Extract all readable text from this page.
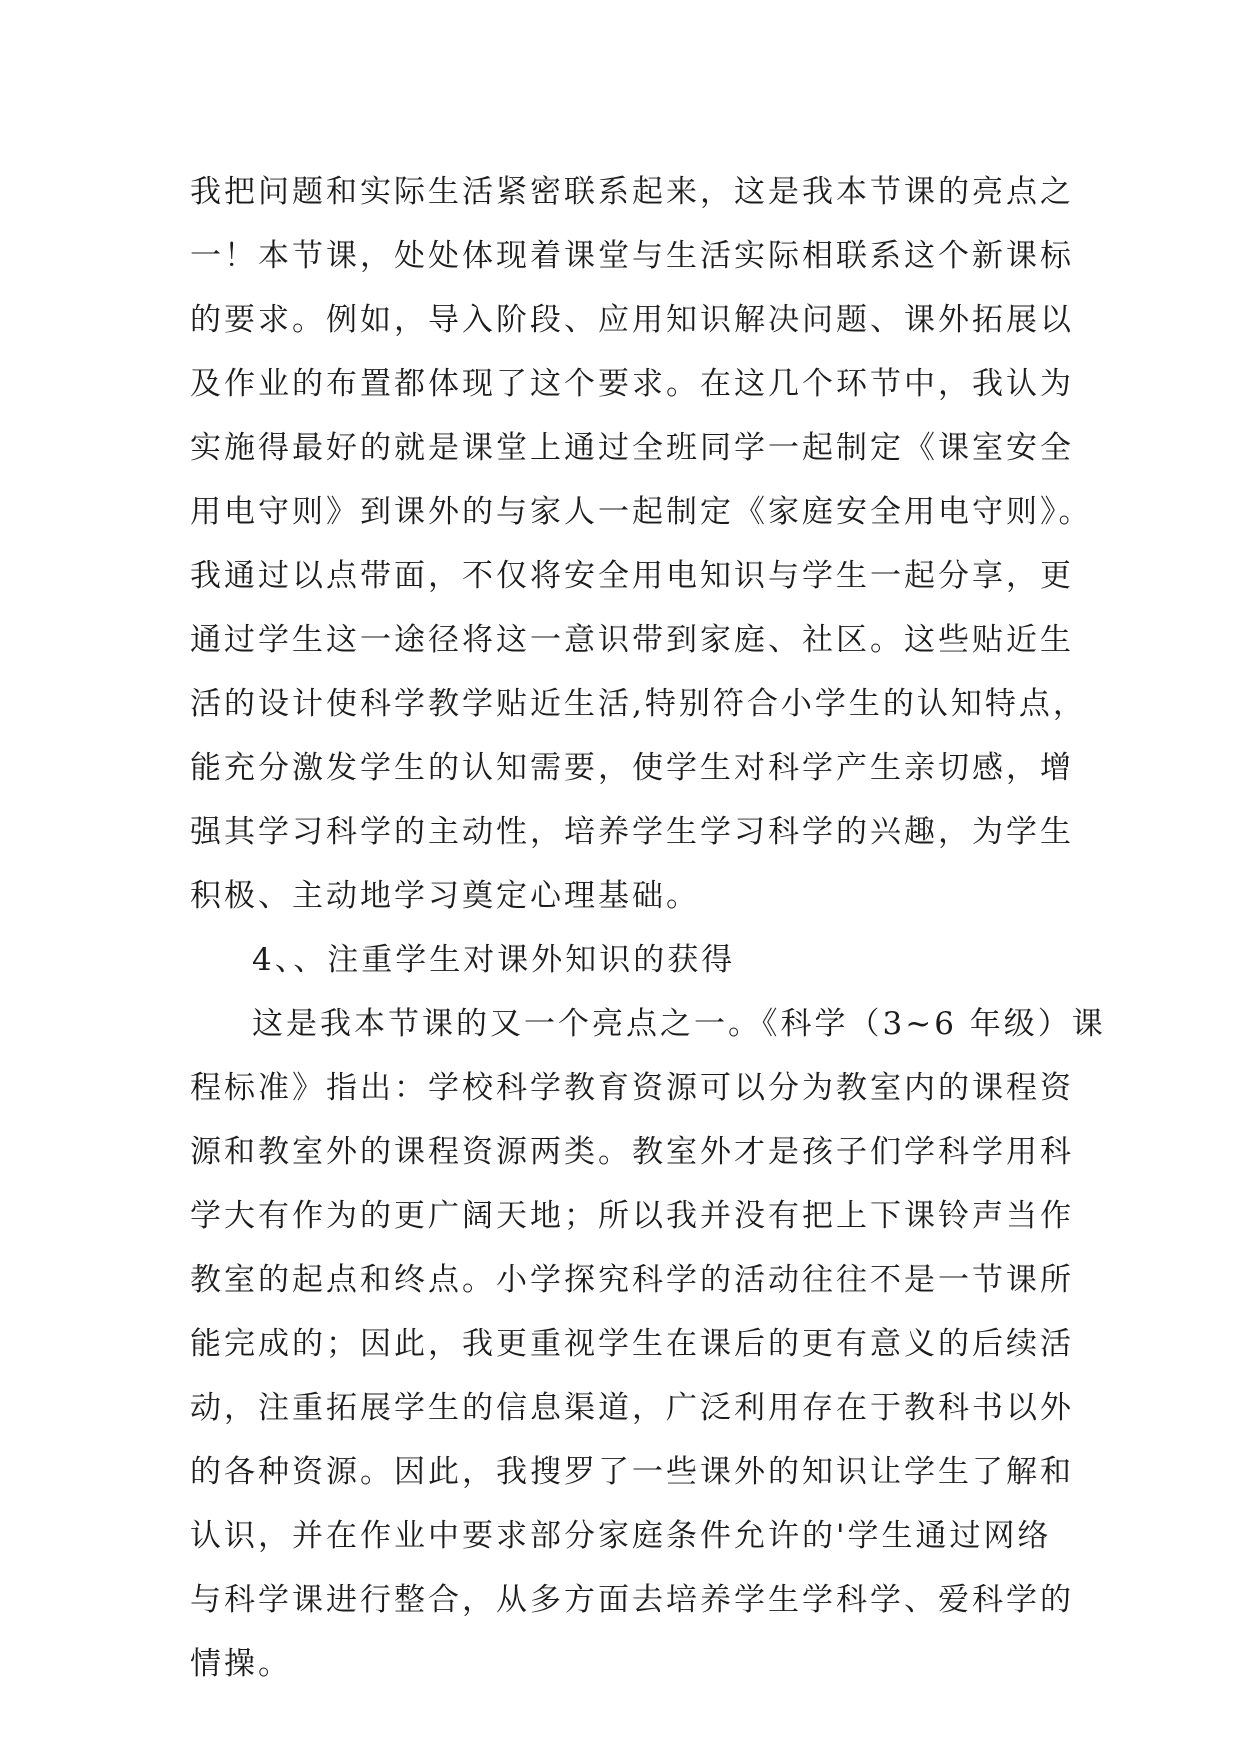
我把问题和实际生活紧密联系起来，这是我本节课的亮点之
一！本节课，处处体现着课堂与生活实际相联系这个新课标
的要求。例如，导入阶段、应用知识解决问题、课外拓展以
及作业的布置都体现了这个要求。在这几个环节中，我认为
实施得最好的就是课堂上通过全班同学一起制定《课室安全
用电守则》到课外的与家人一起制定《家庭安全用电守则》。
我通过以点带面，不仅将安全用电知识与学生一起分享，更
通过学生这一途径将这一意识带到家庭、社区。这些贴近生
活的设计使科学教学贴近生活,特别符合小学生的认知特点，
能充分激发学生的认知需要，使学生对科学产生亲切感，增
强其学习科学的主动性，培养学生学习科学的兴趣，为学生
积极、主动地学习奠定心理基础。
4、、注重学生对课外知识的获得
这是我本节课的又一个亮点之一。《科学（3~6 年级）课
程标准》指出：学校科学教育资源可以分为教室内的课程资
源和教室外的课程资源两类。教室外才是孩子们学科学用科
学大有作为的更广阔天地；所以我并没有把上下课铃声当作
教室的起点和终点。小学探究科学的活动往往不是一节课所
能完成的；因此，我更重视学生在课后的更有意义的后续活
动，注重拓展学生的信息渠道，广泛利用存在于教科书以外
的各种资源。因此，我搜罗了一些课外的知识让学生了解和
认识，并在作业中要求部分家庭条件允许的'学生通过网络
与科学课进行整合，从多方面去培养学生学科学、爱科学的
情操。
